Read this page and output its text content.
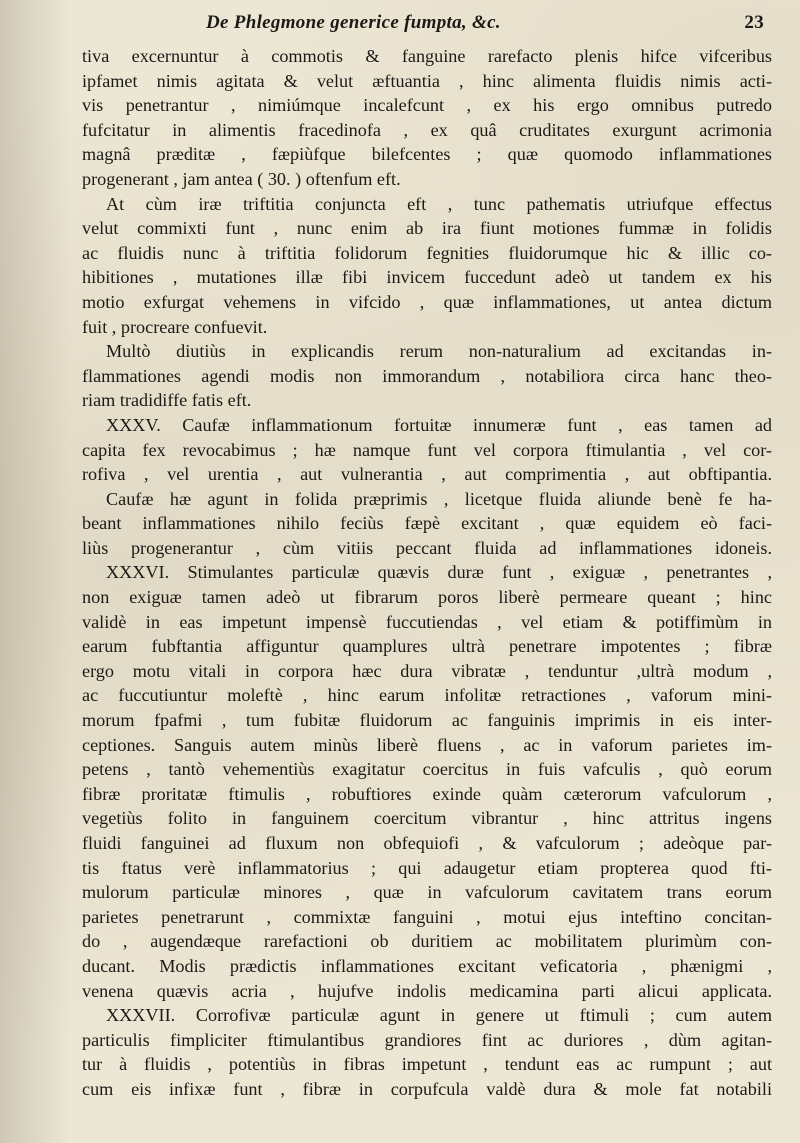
De Phlegmone generice fumpta, &c.	23
tiva excernuntur à commotis & fanguine rarefacto plenis hifce vifceribus
ipfamet nimis agitata & velut æftuantia , hinc alimenta fluidis nimis acti-
vis penetrantur , nimiúmque incalefcunt , ex his ergo omnibus putredo
fufcitatur in alimentis fracedinofa , ex quâ cruditates exurgunt acrimonia
magnâ præditæ , fæpiùfque bilefcentes ; quæ quomodo inflammationes
progenerant , jam antea ( 30. ) oftenfum eft.
At cùm iræ triftitia conjuncta eft , tunc pathematis utriufque effectus
velut commixti funt , nunc enim ab ira fiunt motiones fummæ in folidis
ac fluidis nunc à triftitia folidorum fegnities fluidorumque hic & illic co-
hibitiones , mutationes illæ fibi invicem fuccedunt adeò ut tandem ex his
motio exfurgat vehemens in vifcido , quæ inflammationes, ut antea dictum
fuit , procreare confuevit.
Multò diutiùs in explicandis rerum non-naturalium ad excitandas in-
flammationes agendi modis non immorandum , notabiliora circa hanc theo-
riam tradidiffe fatis eft.
XXXV. Caufæ inflammationum fortuitæ innumeræ funt , eas tamen ad
capita fex revocabimus ; hæ namque funt vel corpora ftimulantia , vel cor-
rofiva , vel urentia , aut vulnerantia , aut comprimentia , aut obftipantia.
Caufæ hæ agunt in folida præprimis , licetque fluida aliunde benè fe ha-
beant inflammationes nihilo feciùs fæpè excitant , quæ equidem eò faci-
liùs progenerantur , cùm vitiis peccant fluida ad inflammationes idoneis.
XXXVI. Stimulantes particulæ quævis duræ funt , exiguæ , penetrantes ,
non exiguæ tamen adeò ut fibrarum poros liberè permeare queant ; hinc
validè in eas impetunt impensè fuccutiendas , vel etiam & potiffimùm in
earum fubftantia affiguntur quamplures ultrà penetrare impotentes ; fibræ
ergo motu vitali in corpora hæc dura vibratæ , tenduntur ,ultrà modum ,
ac fuccutiuntur moleftè , hinc earum infolitæ retractiones , vaforum mini-
morum fpafmi , tum fubitæ fluidorum ac fanguinis imprimis in eis inter-
ceptiones. Sanguis autem minùs liberè fluens , ac in vaforum parietes im-
petens , tantò vehementiùs exagitatur coercitus in fuis vafculis , quò eorum
fibræ proritatæ ftimulis , robuftiores exinde quàm cæterorum vafculorum ,
vegetiùs folito in fanguinem coercitum vibrantur , hinc attritus ingens
fluidi fanguinei ad fluxum non obfequiofi , & vafculorum ; adeòque par-
tis ftatus verè inflammatorius ; qui adaugetur etiam propterea quod fti-
mulorum particulæ minores , quæ in vafculorum cavitatem trans eorum
parietes penetrarunt , commixtæ fanguini , motui ejus inteftino concitan-
do , augendæque rarefactioni ob duritiem ac mobilitatem plurimùm con-
ducant. Modis prædictis inflammationes excitant veficatoria , phænigmi ,
venena quævis acria , hujufve indolis medicamina parti alicui applicata.
XXXVII. Corrofivæ particulæ agunt in genere ut ftimuli ; cum autem
particulis fimpliciter ftimulantibus grandiores fint ac duriores , dùm agitan-
tur à fluidis , potentiùs in fibras impetunt , tendunt eas ac rumpunt ; aut
cum eis infixæ funt , fibræ in corpufcula valdè dura & mole fat notabili
